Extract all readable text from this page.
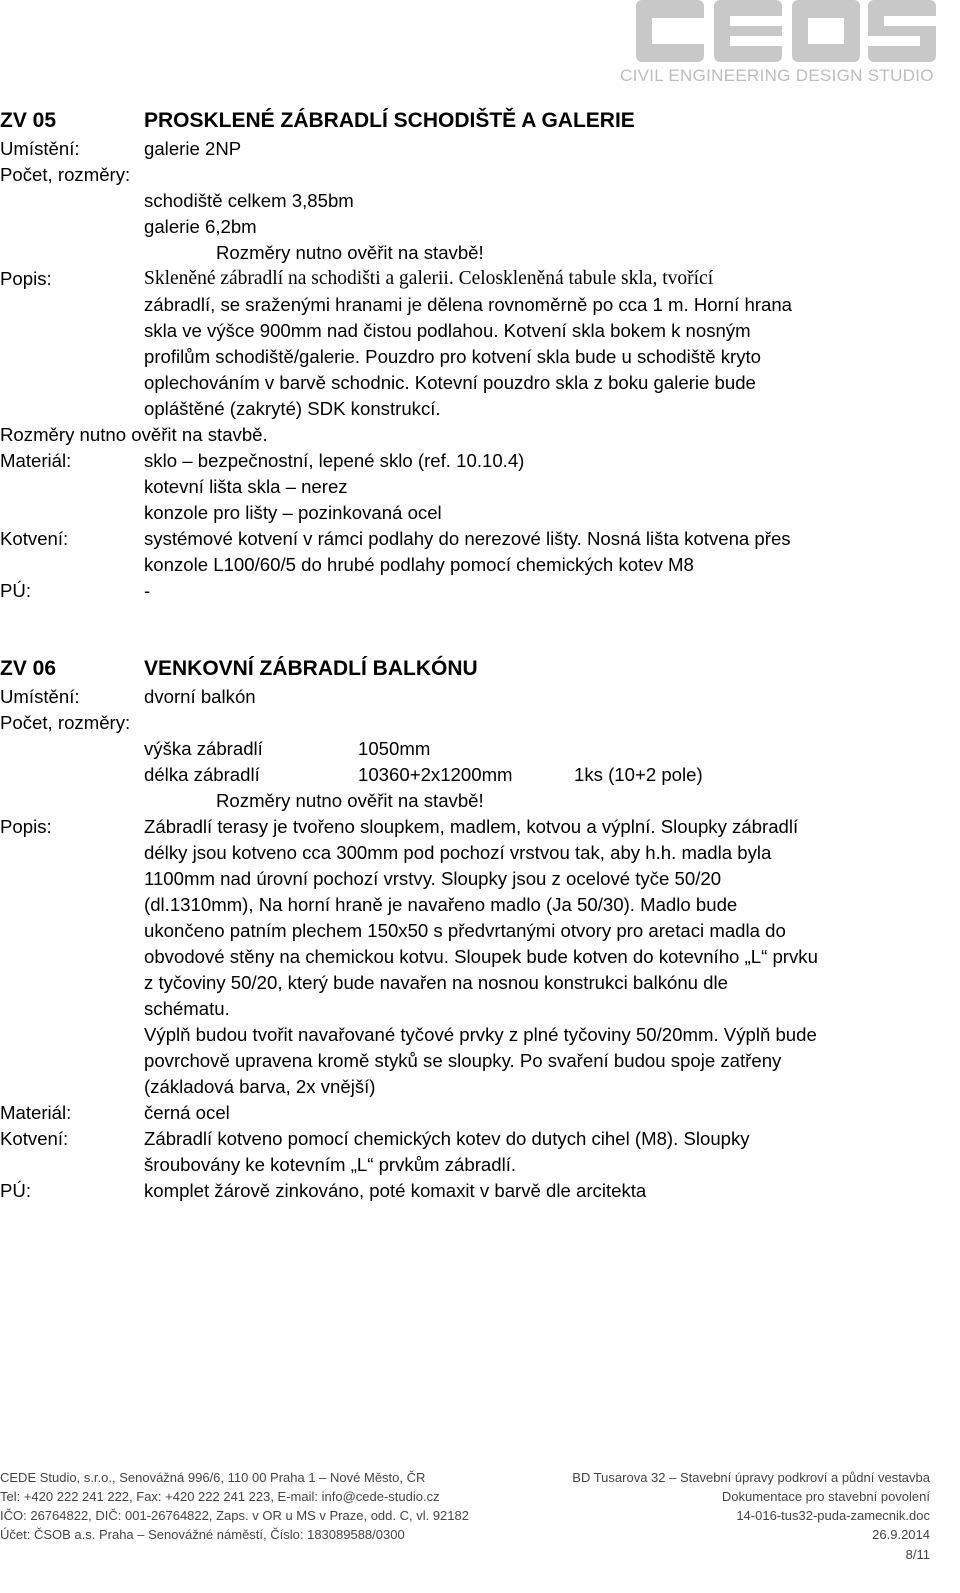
CIVIL ENGINEERING DESIGN STUDIO
ZV 05	PROSKLENÉ ZÁBRADLÍ SCHODIŠTĚ A GALERIE
Umístění:	galerie 2NP
Počet, rozměry:
schodiště celkem 3,85bm
galerie 6,2bm
Rozměry nutno ověřit na stavbě!
Popis:	Skleněné zábradlí na schodišti a galerii. Celoskleněná tabule skla, tvořící
zábradlí, se sraženými hranami je dělena rovnoměrně po cca 1 m. Horní hrana
skla ve výšce 900mm nad čistou podlahou. Kotvení skla bokem k nosným
profilům schodiště/galerie. Pouzdro pro kotvení skla bude u schodiště kryto
oplechováním v barvě schodnic. Kotevní pouzdro skla z boku galerie bude
opláštěné (zakryté) SDK konstrukcí.
Rozměry nutno ověřit na stavbě.
Materiál:	sklo – bezpečnostní, lepené sklo (ref. 10.10.4)
kotevní lišta skla – nerez
konzole pro lišty – pozinkovaná ocel
Kotvení:	systémové kotvení v rámci podlahy do nerezové lišty. Nosná lišta kotvena přes
konzole L100/60/5 do hrubé podlahy pomocí chemických kotev M8
PÚ:	-
ZV 06	VENKOVNÍ ZÁBRADLÍ BALKÓNU
Umístění:	dvorní balkón
Počet, rozměry:
výška zábradlí	1050mm
délka zábradlí	10360+2x1200mm	1ks (10+2 pole)
Rozměry nutno ověřit na stavbě!
Popis:	Zábradlí terasy je tvořeno sloupkem, madlem, kotvou a výplní. Sloupky zábradlí
délky jsou kotveno cca 300mm pod pochozí vrstvou tak, aby h.h. madla byla
1100mm nad úrovní pochozí vrstvy. Sloupky jsou z ocelové tyče 50/20
(dl.1310mm), Na horní hraně je navařeno madlo (Ja 50/30). Madlo bude
ukončeno patním plechem 150x50 s předvrtanými otvory pro aretaci madla do
obvodové stěny na chemickou kotvu. Sloupek bude kotven do kotevního „L“ prvku
z tyčoviny 50/20, který bude navařen na nosnou konstrukci balkónu dle
schématu.
Výplň budou tvořit navařované tyčové prvky z plné tyčoviny 50/20mm. Výplň bude
povrchově upravena kromě styků se sloupky. Po svaření budou spoje zatřeny
(základová barva, 2x vnější)
Materiál:	černá ocel
Kotvení:	Zábradlí kotveno pomocí chemických kotev do dutych cihel (M8). Sloupky
šroubovány ke kotevním „L“ prvkům zábradlí.
PÚ:	komplet žárově zinkováno, poté komaxit v barvě dle arcitekta
CEDE Studio, s.r.o., Senovážná 996/6, 110 00 Praha 1 – Nové Město, ČR
Tel: +420 222 241 222, Fax: +420 222 241 223, E-mail: info@cede-studio.cz
IČO: 26764822, DIČ: 001-26764822, Zaps. v OR u MS v Praze, odd. C, vl. 92182
Účet: ČSOB a.s. Praha – Senovážné náměstí, Číslo: 183089588/0300
BD Tusarova 32 – Stavební úpravy podkroví a půdní vestavba
Dokumentace pro stavební povolení
14-016-tus32-puda-zamecnik.doc
26.9.2014
8/11
